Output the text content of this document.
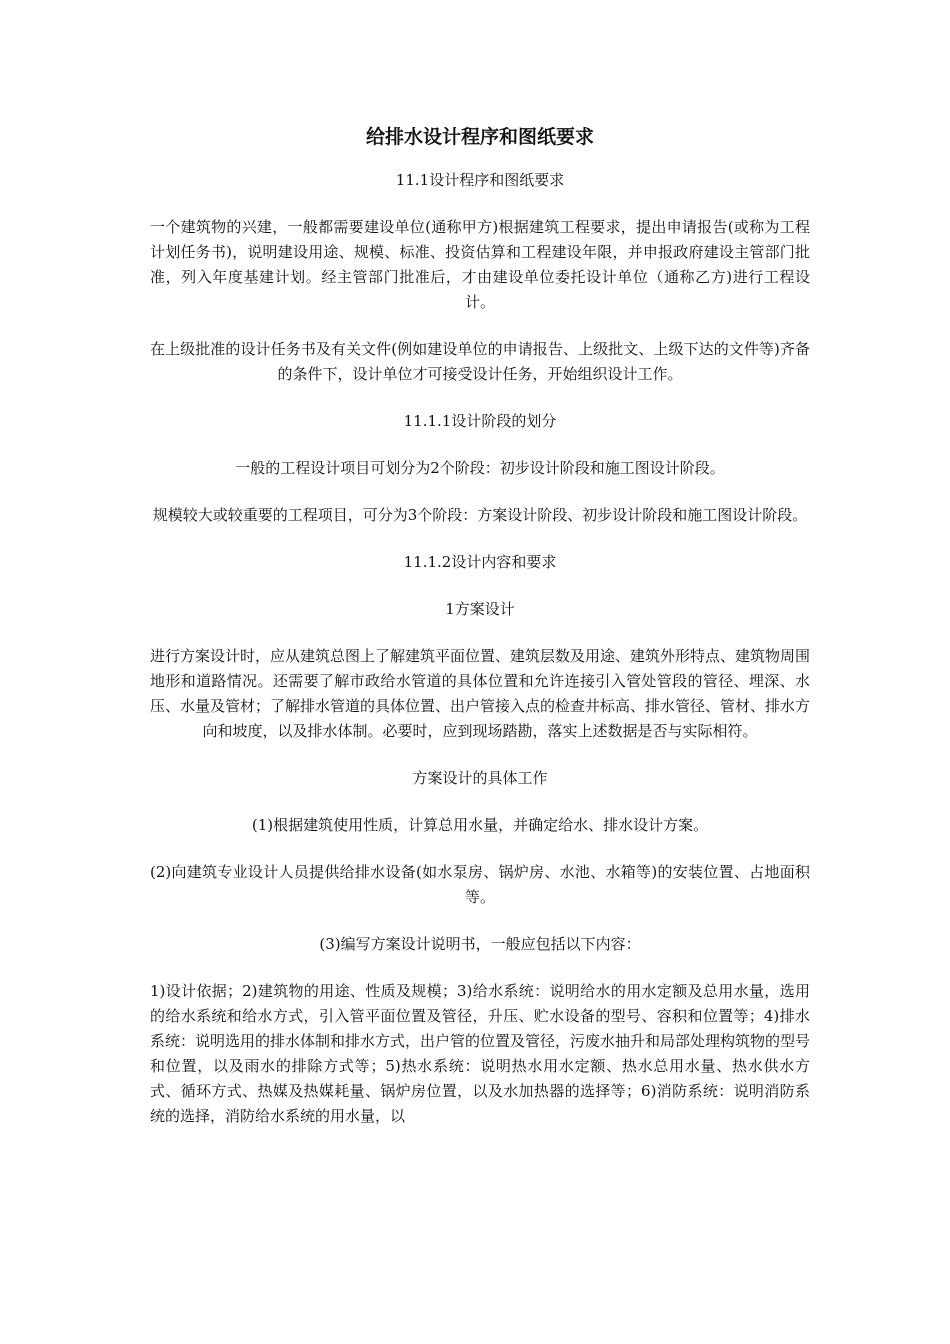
给排水设计程序和图纸要求
11.1设计程序和图纸要求
一个建筑物的兴建，一般都需要建设单位(通称甲方)根据建筑工程要求，提出申请报告(或称为工程计划任务书)，说明建设用途、规模、标准、投资估算和工程建设年限，并申报政府建设主管部门批准，列入年度基建计划。经主管部门批准后，才由建设单位委托设计单位（通称乙方)进行工程设计。
在上级批准的设计任务书及有关文件(例如建设单位的申请报告、上级批文、上级下达的文件等)齐备的条件下，设计单位才可接受设计任务，开始组织设计工作。
11.1.1设计阶段的划分
一般的工程设计项目可划分为2个阶段：初步设计阶段和施工图设计阶段。
规模较大或较重要的工程项目，可分为3个阶段：方案设计阶段、初步设计阶段和施工图设计阶段。
11.1.2设计内容和要求
1方案设计
进行方案设计时，应从建筑总图上了解建筑平面位置、建筑层数及用途、建筑外形特点、建筑物周围地形和道路情况。还需要了解市政给水管道的具体位置和允许连接引入管处管段的管径、埋深、水压、水量及管材；了解排水管道的具体位置、出户管接入点的检查井标高、排水管径、管材、排水方向和坡度，以及排水体制。必要时，应到现场踏勘，落实上述数据是否与实际相符。
方案设计的具体工作
(1)根据建筑使用性质，计算总用水量，并确定给水、排水设计方案。
(2)向建筑专业设计人员提供给排水设备(如水泵房、锅炉房、水池、水箱等)的安装位置、占地面积等。
(3)编写方案设计说明书，一般应包括以下内容：
1)设计依据；2)建筑物的用途、性质及规模；3)给水系统：说明给水的用水定额及总用水量，选用的给水系统和给水方式，引入管平面位置及管径，升压、贮水设备的型号、容积和位置等；4)排水系统：说明选用的排水体制和排水方式，出户管的位置及管径，污废水抽升和局部处理构筑物的型号和位置，以及雨水的排除方式等；5)热水系统：说明热水用水定额、热水总用水量、热水供水方式、循环方式、热媒及热媒耗量、锅炉房位置，以及水加热器的选择等；6)消防系统：说明消防系统的选择，消防给水系统的用水量，以
